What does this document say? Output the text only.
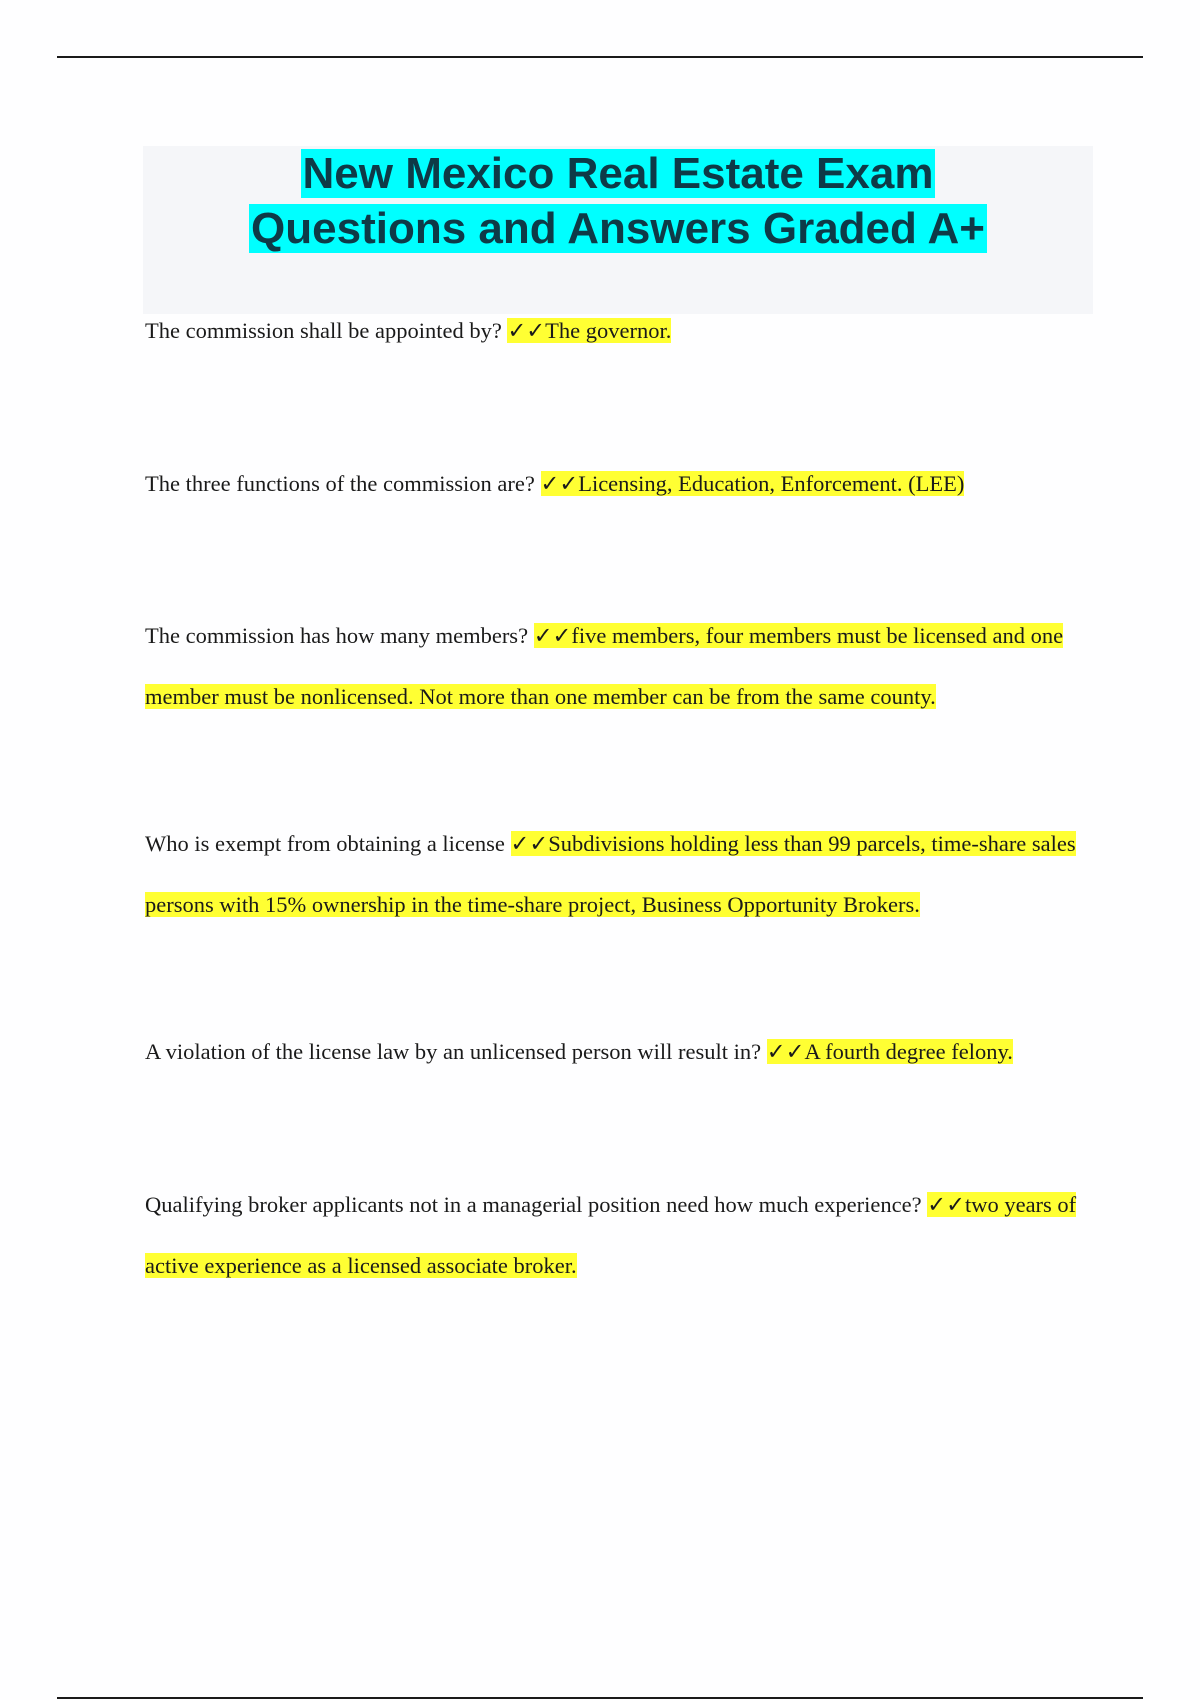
New Mexico Real Estate Exam
Questions and Answers Graded A+

The commission shall be appointed by? ✓✓The governor.

The three functions of the commission are? ✓✓Licensing, Education, Enforcement. (LEE)

The commission has how many members? ✓✓five members, four members must be licensed and one member must be nonlicensed. Not more than one member can be from the same county.

Who is exempt from obtaining a license ✓✓Subdivisions holding less than 99 parcels, time-share sales persons with 15% ownership in the time-share project, Business Opportunity Brokers.

A violation of the license law by an unlicensed person will result in? ✓✓A fourth degree felony.

Qualifying broker applicants not in a managerial position need how much experience? ✓✓two years of active experience as a licensed associate broker.
